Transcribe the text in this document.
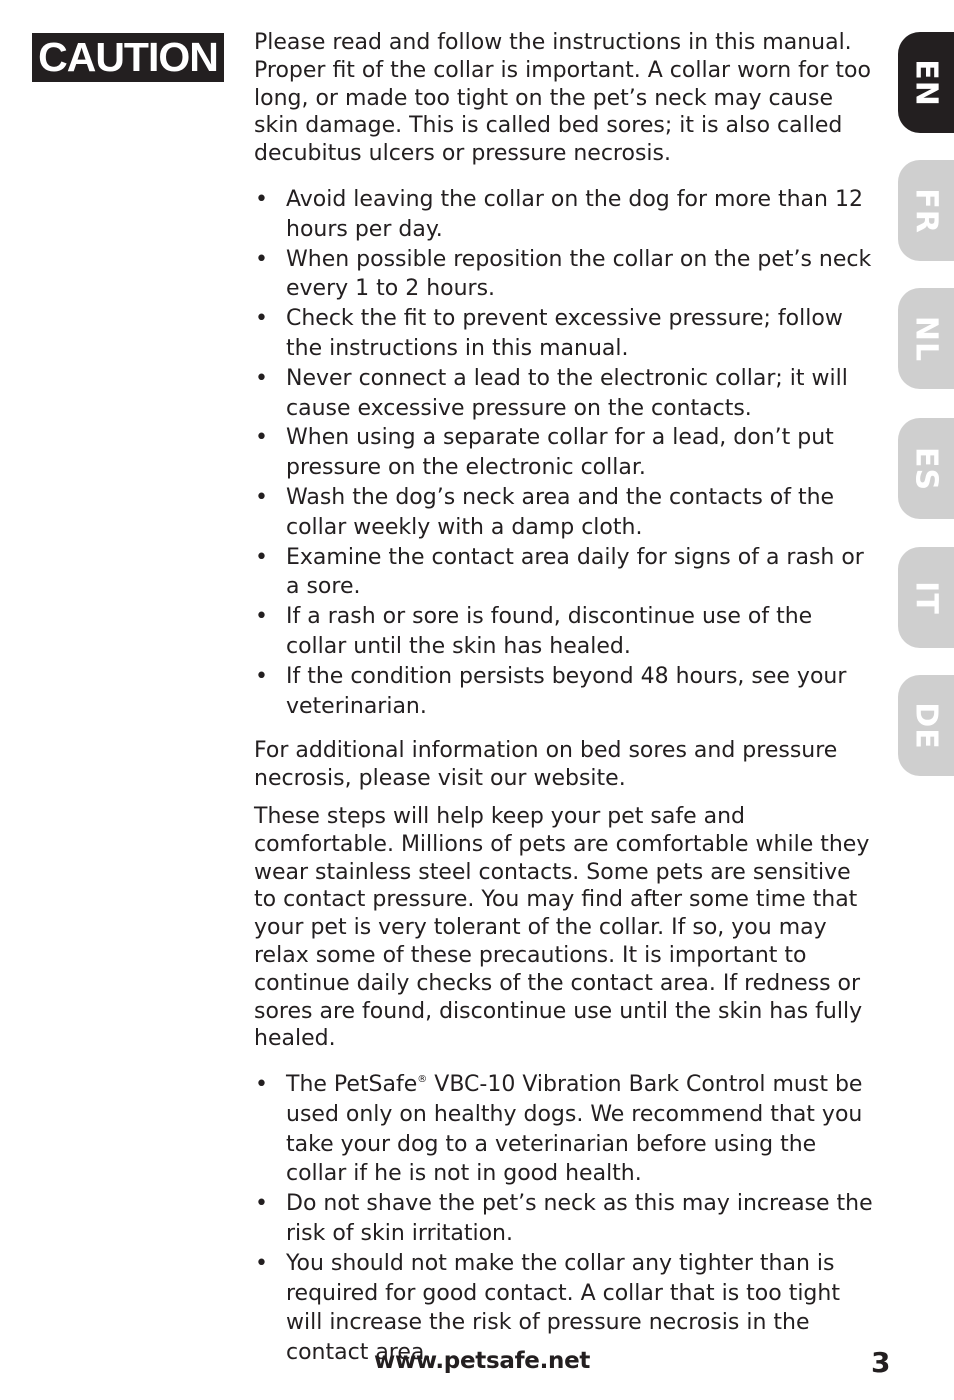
CAUTION Please read and follow the instructions in this manual. Proper fit of the collar is important. A collar worn for too long, or made too tight on the pet’s neck may cause skin damage. This is called bed sores; it is also called decubitus ulcers or pressure necrosis.

• Avoid leaving the collar on the dog for more than 12 hours per day.
• When possible reposition the collar on the pet’s neck every 1 to 2 hours.
• Check the fit to prevent excessive pressure; follow the instructions in this manual.
• Never connect a lead to the electronic collar; it will cause excessive pressure on the contacts.
• When using a separate collar for a lead, don’t put pressure on the electronic collar.
• Wash the dog’s neck area and the contacts of the collar weekly with a damp cloth.
• Examine the contact area daily for signs of a rash or a sore.
• If a rash or sore is found, discontinue use of the collar until the skin has healed.
• If the condition persists beyond 48 hours, see your veterinarian.

For additional information on bed sores and pressure necrosis, please visit our website.

These steps will help keep your pet safe and comfortable. Millions of pets are comfortable while they wear stainless steel contacts. Some pets are sensitive to contact pressure. You may find after some time that your pet is very tolerant of the collar. If so, you may relax some of these precautions. It is important to continue daily checks of the contact area. If redness or sores are found, discontinue use until the skin has fully healed.

• The PetSafe® VBC-10 Vibration Bark Control must be used only on healthy dogs. We recommend that you take your dog to a veterinarian before using the collar if he is not in good health.
• Do not shave the pet’s neck as this may increase the risk of skin irritation.
• You should not make the collar any tighter than is required for good contact. A collar that is too tight will increase the risk of pressure necrosis in the contact area.
EN
FR
NL
ES
IT
DE
www.petsafe.net	3
